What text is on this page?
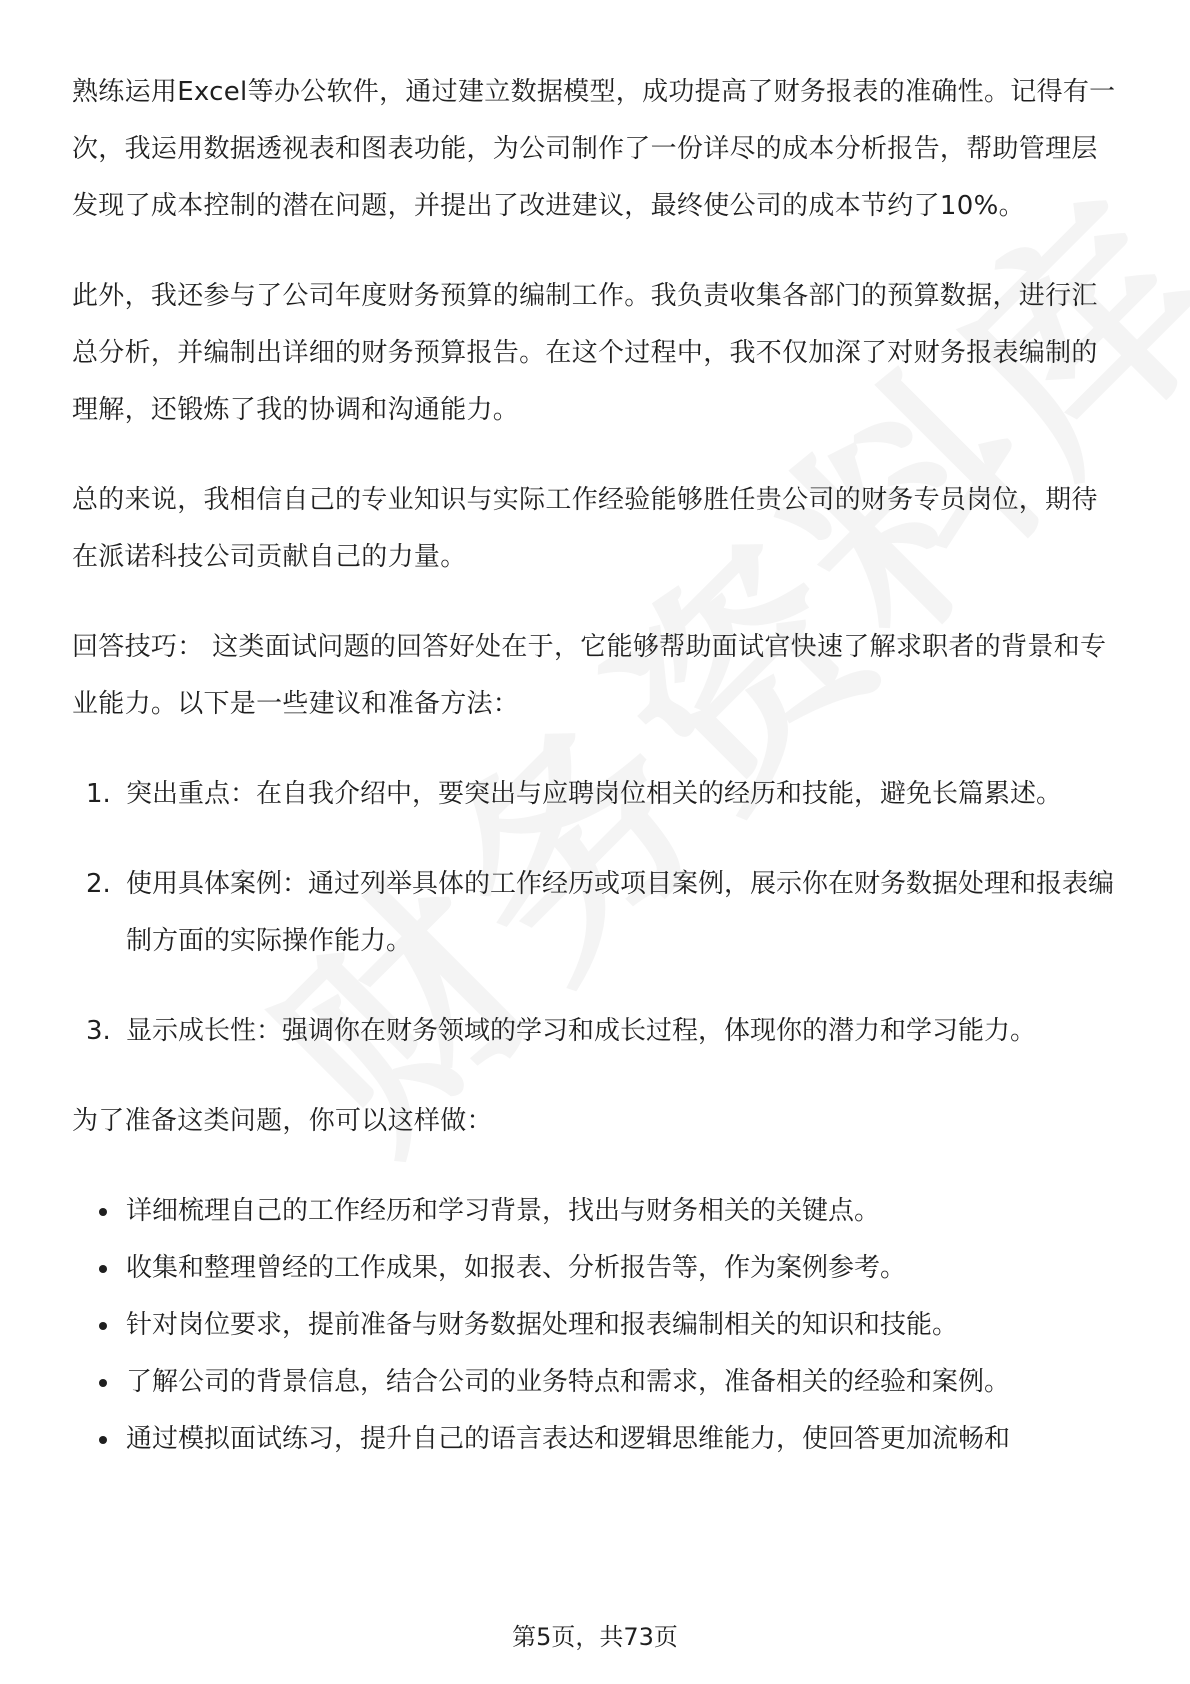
熟练运用Excel等办公软件，通过建立数据模型，成功提高了财务报表的准确性。记得有一次，我运用数据透视表和图表功能，为公司制作了一份详尽的成本分析报告，帮助管理层发现了成本控制的潜在问题，并提出了改进建议，最终使公司的成本节约了10%。

此外，我还参与了公司年度财务预算的编制工作。我负责收集各部门的预算数据，进行汇总分析，并编制出详细的财务预算报告。在这个过程中，我不仅加深了对财务报表编制的理解，还锻炼了我的协调和沟通能力。

总的来说，我相信自己的专业知识与实际工作经验能够胜任贵公司的财务专员岗位，期待在派诺科技公司贡献自己的力量。

回答技巧： 这类面试问题的回答好处在于，它能够帮助面试官快速了解求职者的背景和专业能力。以下是一些建议和准备方法：

1. 突出重点：在自我介绍中，要突出与应聘岗位相关的经历和技能，避免长篇累述。
2. 使用具体案例：通过列举具体的工作经历或项目案例，展示你在财务数据处理和报表编制方面的实际操作能力。
3. 显示成长性：强调你在财务领域的学习和成长过程，体现你的潜力和学习能力。

为了准备这类问题，你可以这样做：

详细梳理自己的工作经历和学习背景，找出与财务相关的关键点。
收集和整理曾经的工作成果，如报表、分析报告等，作为案例参考。
针对岗位要求，提前准备与财务数据处理和报表编制相关的知识和技能。
了解公司的背景信息，结合公司的业务特点和需求，准备相关的经验和案例。
通过模拟面试练习，提升自己的语言表达和逻辑思维能力，使回答更加流畅和
第5页，共73页
